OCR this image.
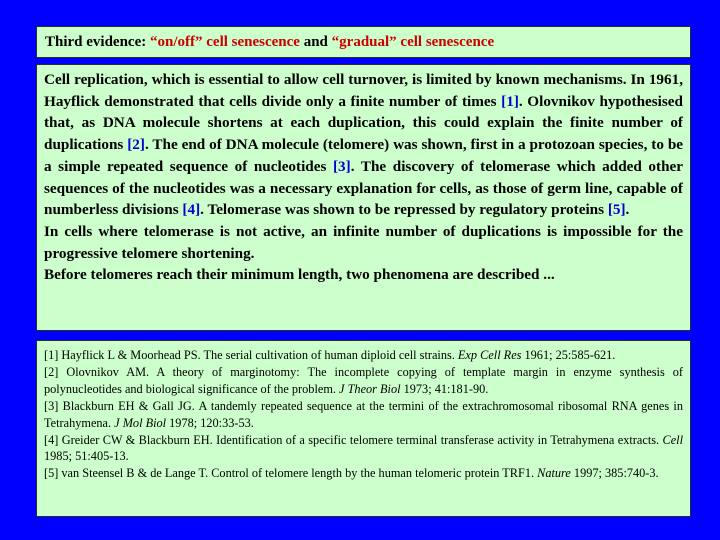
Third evidence: “on/off” cell senescence and “gradual” cell senescence

Cell replication, which is essential to allow cell turnover, is limited by known mechanisms. In 1961, Hayflick demonstrated that cells divide only a finite number of times [1]. Olovnikov hypothesised that, as DNA molecule shortens at each duplication, this could explain the finite number of duplications [2]. The end of DNA molecule (telomere) was shown, first in a protozoan species, to be a simple repeated sequence of nucleotides [3]. The discovery of telomerase which added other sequences of the nucleotides was a necessary explanation for cells, as those of germ line, capable of numberless divisions [4]. Telomerase was shown to be repressed by regulatory proteins [5].

In cells where telomerase is not active, an infinite number of duplications is impossible for the progressive telomere shortening.

Before telomeres reach their minimum length, two phenomena are described ...

[1] Hayflick L & Moorhead PS. The serial cultivation of human diploid cell strains. Exp Cell Res 1961; 25:585-621.

[2] Olovnikov AM. A theory of marginotomy: The incomplete copying of template margin in enzyme synthesis of polynucleotides and biological significance of the problem. J Theor Biol 1973; 41:181-90.

[3] Blackburn EH & Gall JG. A tandemly repeated sequence at the termini of the extrachromosomal ribosomal RNA genes in Tetrahymena. J Mol Biol 1978; 120:33-53.

[4] Greider CW & Blackburn EH. Identification of a specific telomere terminal transferase activity in Tetrahymena extracts. Cell 1985; 51:405-13.

[5] van Steensel B & de Lange T. Control of telomere length by the human telomeric protein TRF1. Nature 1997; 385:740-3.
